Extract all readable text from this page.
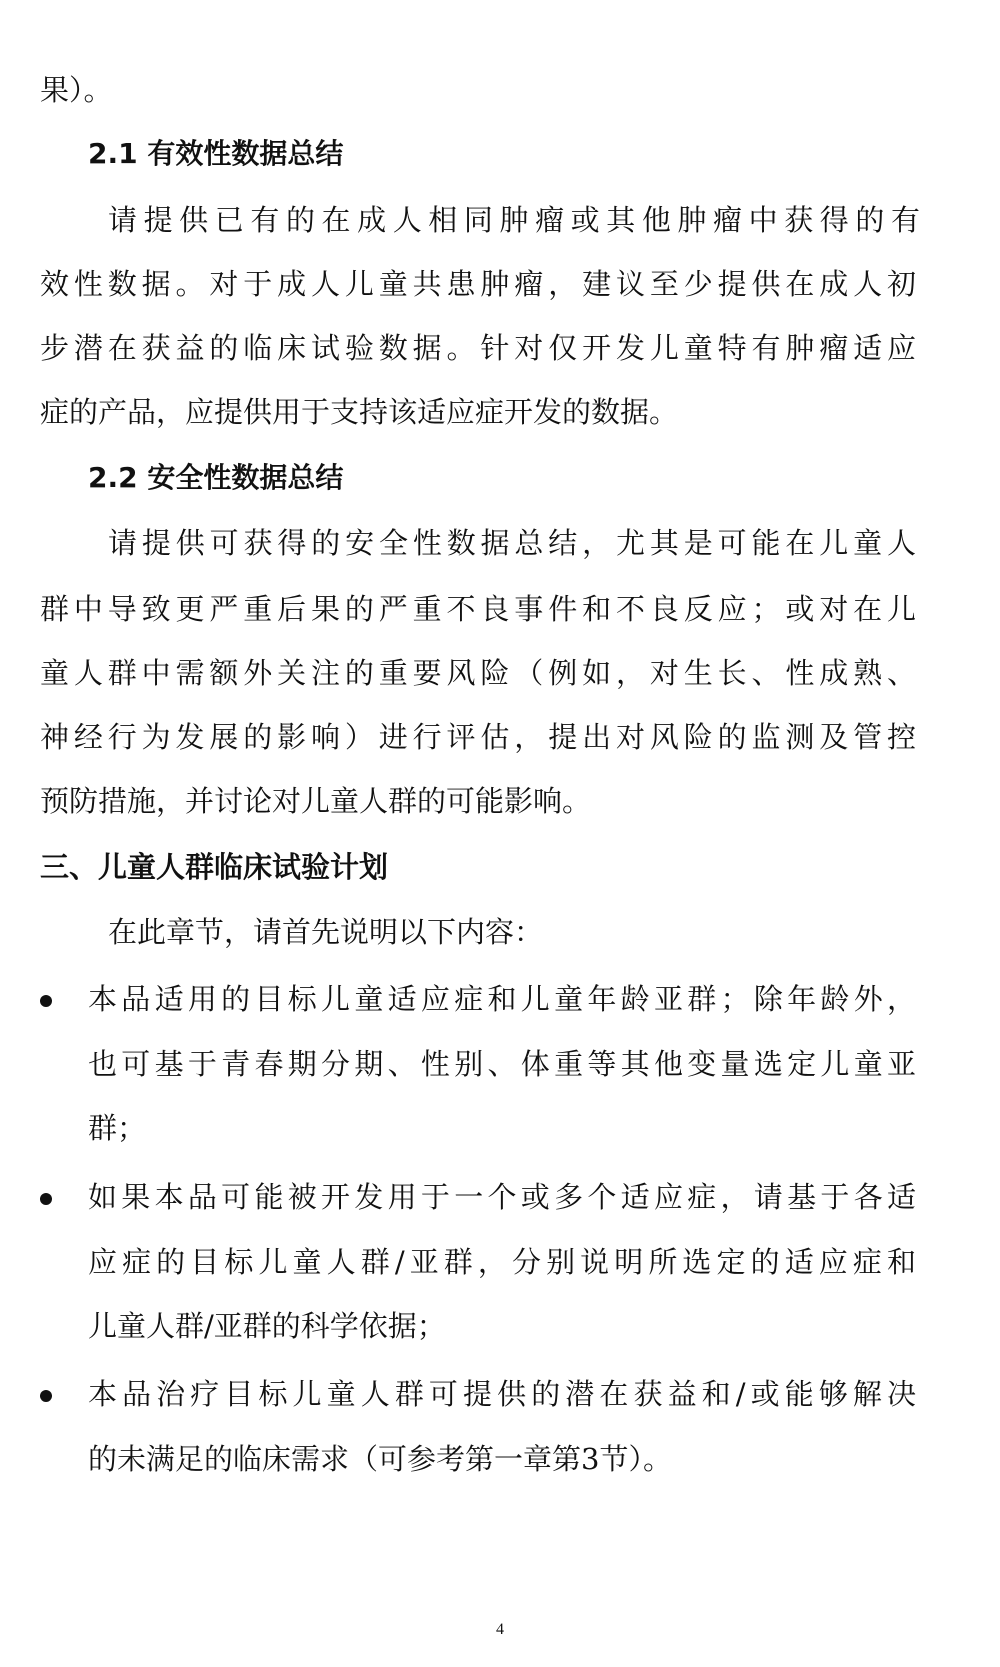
果）。
2.1 有效性数据总结
请提供已有的在成人相同肿瘤或其他肿瘤中获得的有
效性数据。对于成人儿童共患肿瘤，建议至少提供在成人初
步潜在获益的临床试验数据。针对仅开发儿童特有肿瘤适应
症的产品，应提供用于支持该适应症开发的数据。
2.2 安全性数据总结
请提供可获得的安全性数据总结，尤其是可能在儿童人
群中导致更严重后果的严重不良事件和不良反应；或对在儿
童人群中需额外关注的重要风险（例如，对生长、性成熟、
神经行为发展的影响）进行评估，提出对风险的监测及管控
预防措施，并讨论对儿童人群的可能影响。
三、儿童人群临床试验计划
在此章节，请首先说明以下内容：
本品适用的目标儿童适应症和儿童年龄亚群；除年龄外，
也可基于青春期分期、性别、体重等其他变量选定儿童亚
群；
如果本品可能被开发用于一个或多个适应症，请基于各适
应症的目标儿童人群/亚群，分别说明所选定的适应症和
儿童人群/亚群的科学依据；
本品治疗目标儿童人群可提供的潜在获益和/或能够解决
的未满足的临床需求（可参考第一章第3节）。
4
